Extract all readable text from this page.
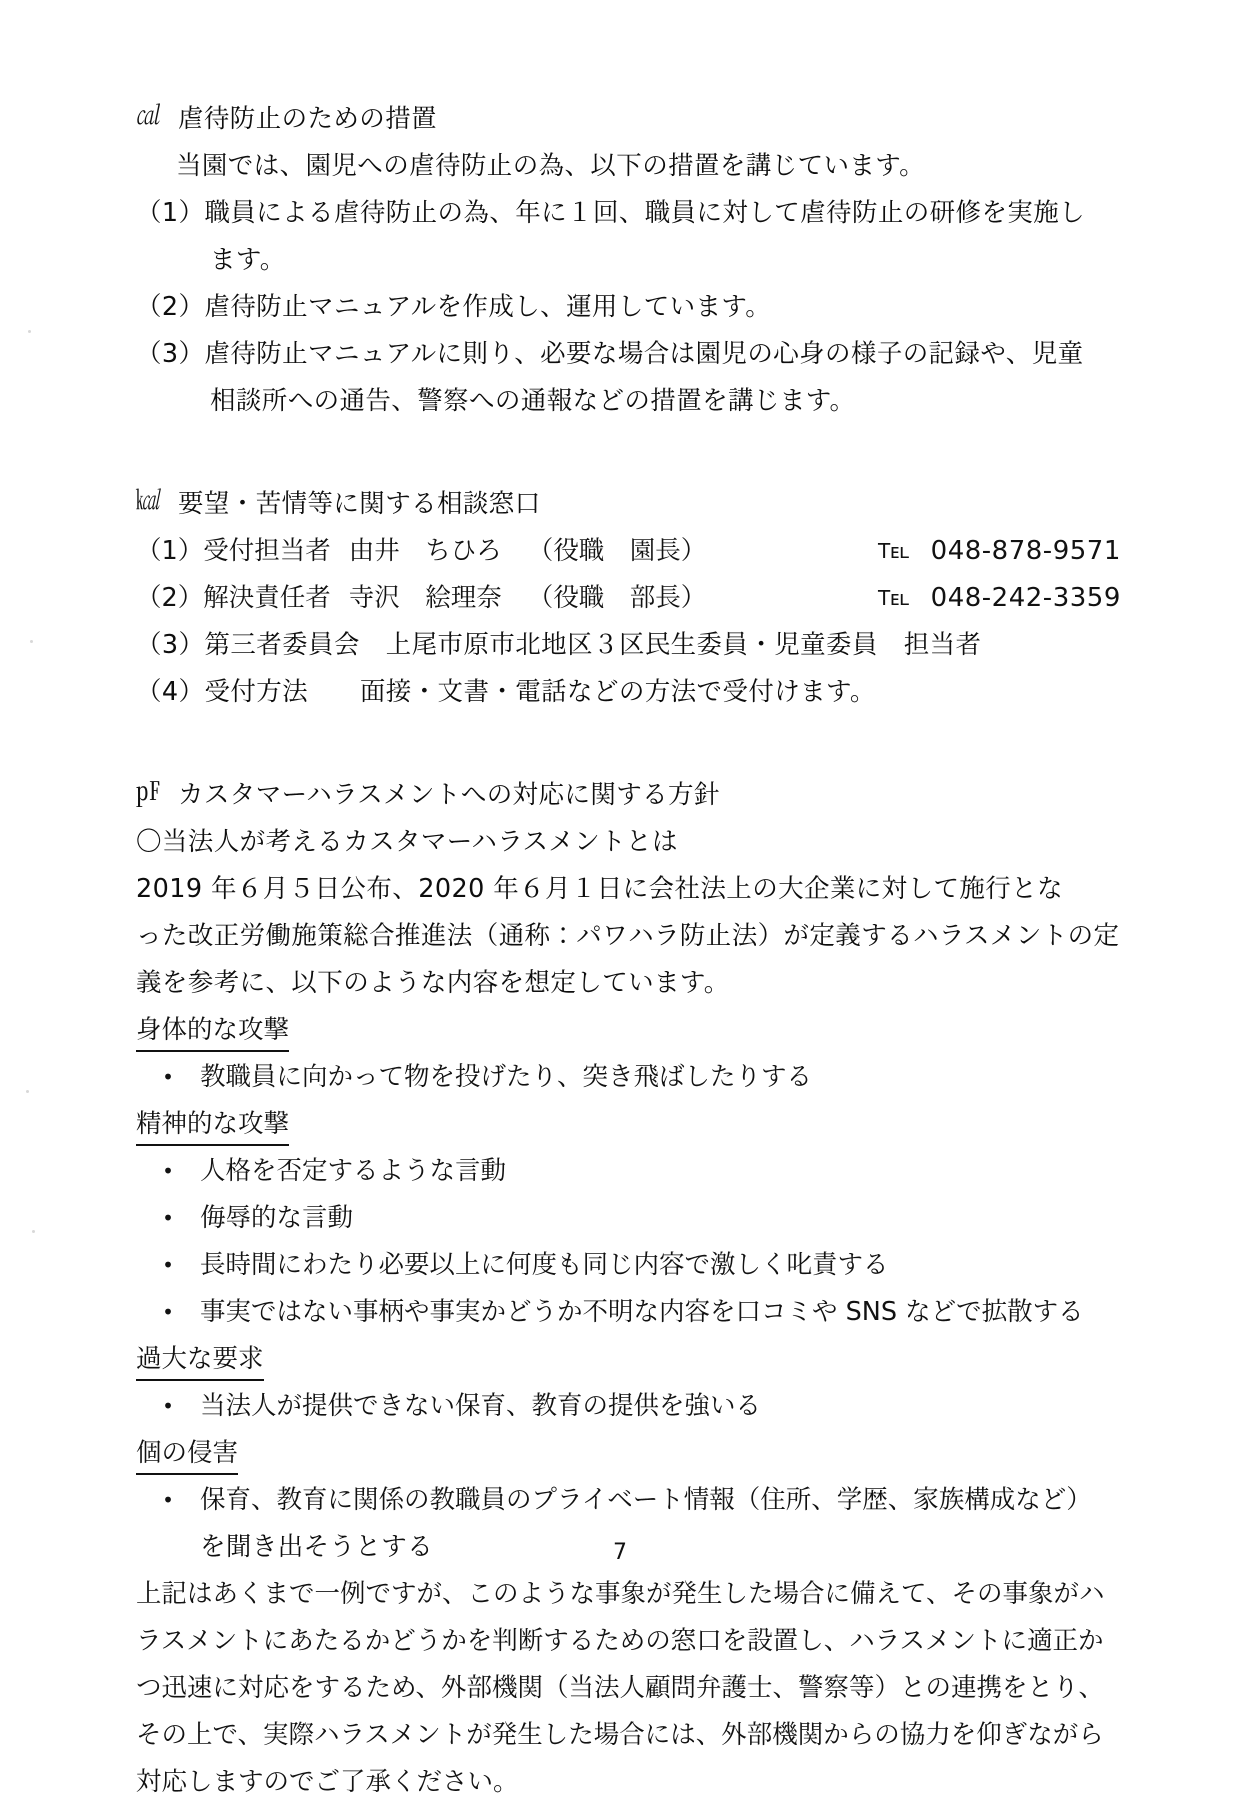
㎈ 虐待防止のための措置
当園では、園児への虐待防止の為、以下の措置を講じています。
（1）職員による虐待防止の為、年に１回、職員に対して虐待防止の研修を実施し
ます。
（2）虐待防止マニュアルを作成し、運用しています。
（3）虐待防止マニュアルに則り、必要な場合は園児の心身の様子の記録や、児童
相談所への通告、警察への通報などの措置を講じます。
㎉ 要望・苦情等に関する相談窓口
（1） 受付担当者 由井　ちひろ	（役職　園長）	Tᴇʟ 048-878-9571
（2） 解決責任者 寺沢　絵理奈	（役職　部長）	Tᴇʟ 048-242-3359
（3）第三者委員会　上尾市原市北地区３区民生委員・児童委員　担当者
（4）受付方法　　面接・文書・電話などの方法で受付けます。
㎊ カスタマーハラスメントへの対応に関する方針
〇当法人が考えるカスタマーハラスメントとは
2019 年６月５日公布、2020 年６月１日に会社法上の大企業に対して施行とな
った改正労働施策総合推進法（通称：パワハラ防止法）が定義するハラスメントの定
義を参考に、以下のような内容を想定しています。
身体的な攻撃
•	教職員に向かって物を投げたり、突き飛ばしたりする
精神的な攻撃
•	人格を否定するような言動
•	侮辱的な言動
•	長時間にわたり必要以上に何度も同じ内容で激しく叱責する
•	事実ではない事柄や事実かどうか不明な内容を口コミや SNS などで拡散する
過大な要求
•	当法人が提供できない保育、教育の提供を強いる
個の侵害
•	保育、教育に関係の教職員のプライベート情報（住所、学歴、家族構成など）
を聞き出そうとする
上記はあくまで一例ですが、このような事象が発生した場合に備えて、その事象がハ
ラスメントにあたるかどうかを判断するための窓口を設置し、ハラスメントに適正か
つ迅速に対応をするため、外部機関（当法人顧問弁護士、警察等）との連携をとり、
その上で、実際ハラスメントが発生した場合には、外部機関からの協力を仰ぎながら
対応しますのでご了承ください。
7
